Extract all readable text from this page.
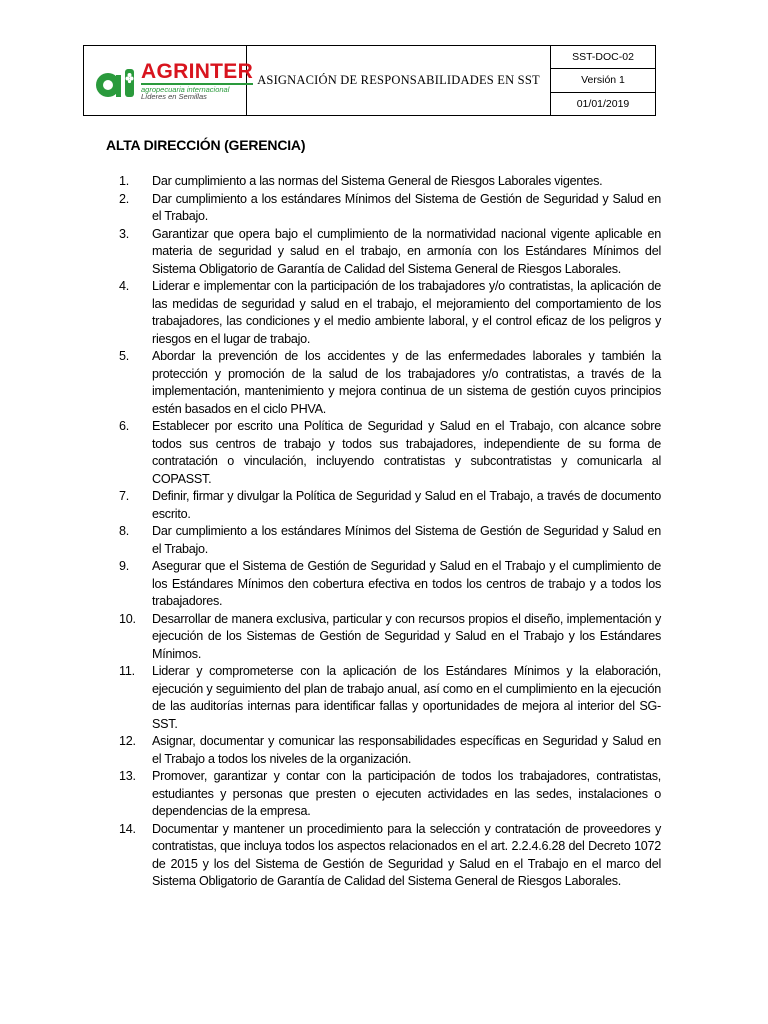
AGRINTER
agropecuaria internacional
Líderes en Semillas
ASIGNACIÓN DE RESPONSABILIDADES EN SST
SST-DOC-02
Versión 1
01/01/2019
ALTA DIRECCIÓN (GERENCIA)
1.	Dar cumplimiento a las normas del Sistema General de Riesgos Laborales vigentes.
2.	Dar cumplimiento a los estándares Mínimos del Sistema de Gestión de Seguridad y Salud en el Trabajo.
3.	Garantizar que opera bajo el cumplimiento de la normatividad nacional vigente aplicable en materia de seguridad y salud en el trabajo, en armonía con los Estándares Mínimos del Sistema Obligatorio de Garantía de Calidad del Sistema General de Riesgos Laborales.
4.	Liderar e implementar con la participación de los trabajadores y/o contratistas, la aplicación de las medidas de seguridad y salud en el trabajo, el mejoramiento del comportamiento de los trabajadores, las condiciones y el medio ambiente laboral, y el control eficaz de los peligros y riesgos en el lugar de trabajo.
5.	Abordar la prevención de los accidentes y de las enfermedades laborales y también la protección y promoción de la salud de los trabajadores y/o contratistas, a través de la implementación, mantenimiento y mejora continua de un sistema de gestión cuyos principios estén basados en el ciclo PHVA.
6.	Establecer por escrito una Política de Seguridad y Salud en el Trabajo, con alcance sobre todos sus centros de trabajo y todos sus trabajadores, independiente de su forma de contratación o vinculación, incluyendo contratistas y subcontratistas y comunicarla al COPASST.
7.	Definir, firmar y divulgar la Política de Seguridad y Salud en el Trabajo, a través de documento escrito.
8.	Dar cumplimiento a los estándares Mínimos del Sistema de Gestión de Seguridad y Salud en el Trabajo.
9.	Asegurar que el Sistema de Gestión de Seguridad y Salud en el Trabajo y el cumplimiento de los Estándares Mínimos den cobertura efectiva en todos los centros de trabajo y a todos los trabajadores.
10.	Desarrollar de manera exclusiva, particular y con recursos propios el diseño, implementación y ejecución de los Sistemas de Gestión de Seguridad y Salud en el Trabajo y los Estándares Mínimos.
11.	Liderar y comprometerse con la aplicación de los Estándares Mínimos y la elaboración, ejecución y seguimiento del plan de trabajo anual, así como en el cumplimiento en la ejecución de las auditorías internas para identificar fallas y oportunidades de mejora al interior del SG-SST.
12.	Asignar, documentar y comunicar las responsabilidades específicas en Seguridad y Salud en el Trabajo a todos los niveles de la organización.
13.	Promover, garantizar y contar con la participación de todos los trabajadores, contratistas, estudiantes y personas que presten o ejecuten actividades en las sedes, instalaciones o dependencias de la empresa.
14.	Documentar y mantener un procedimiento para la selección y contratación de proveedores y contratistas, que incluya todos los aspectos relacionados en el art. 2.2.4.6.28 del Decreto 1072 de 2015 y los del Sistema de Gestión de Seguridad y Salud en el Trabajo en el marco del Sistema Obligatorio de Garantía de Calidad del Sistema General de Riesgos Laborales.
